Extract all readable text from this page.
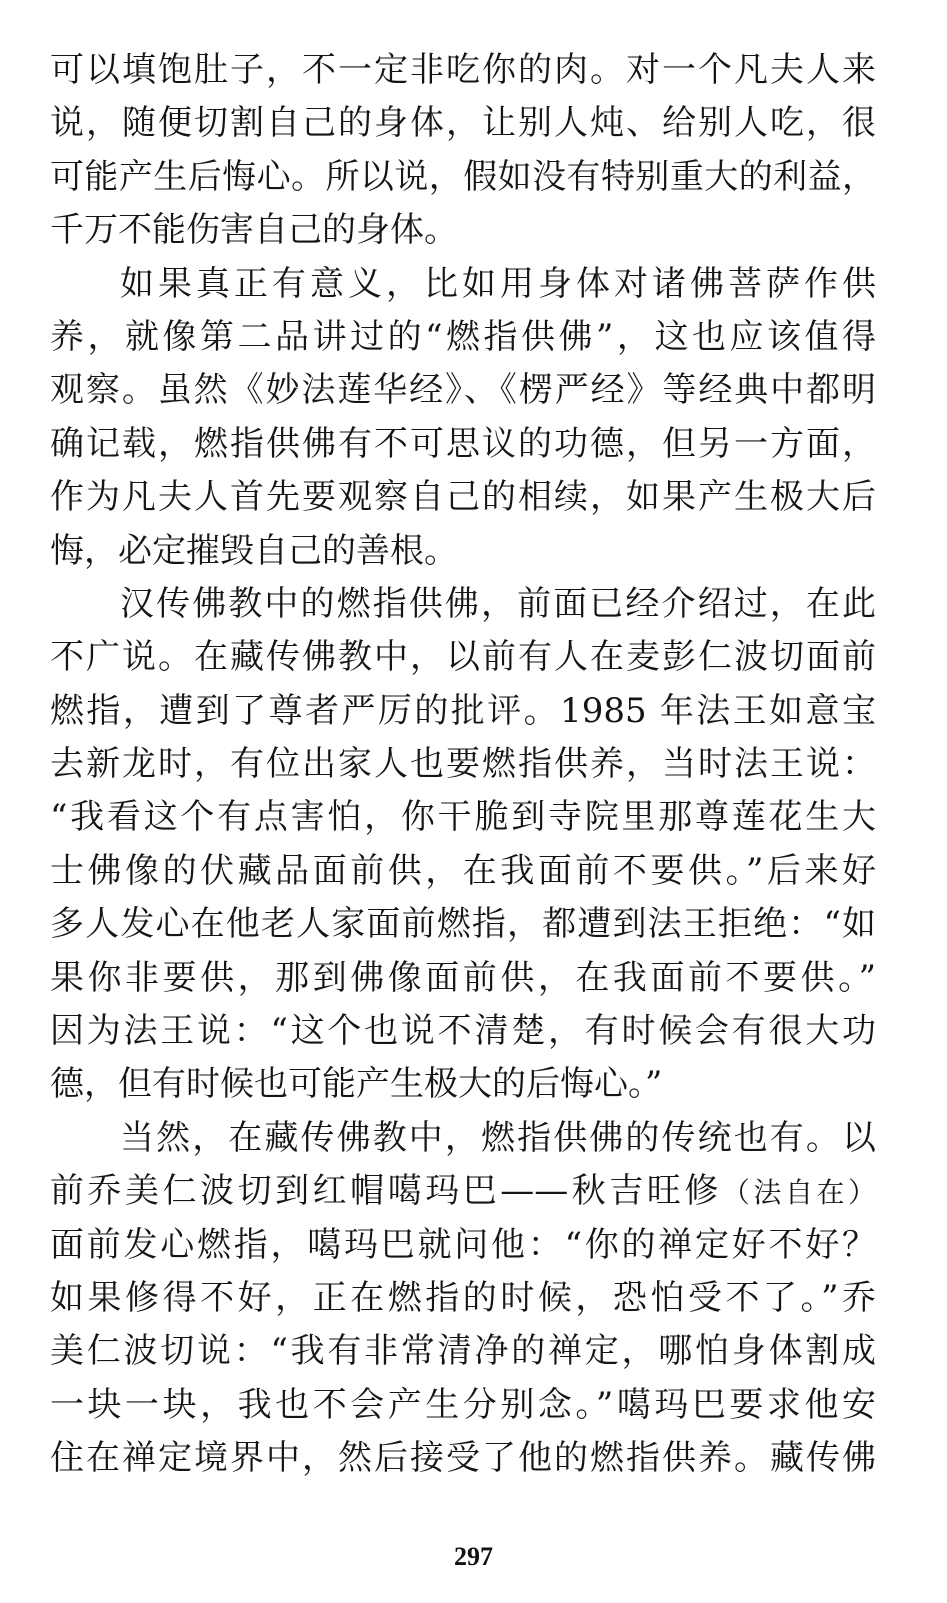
可以填饱肚子，不一定非吃你的肉。对一个凡夫人来
说，随便切割自己的身体，让别人炖、给别人吃，很
可能产生后悔心。所以说，假如没有特别重大的利益，
千万不能伤害自己的身体。
如果真正有意义，比如用身体对诸佛菩萨作供
养，就像第二品讲过的“燃指供佛”，这也应该值得
观察。虽然《妙法莲华经》、《楞严经》等经典中都明
确记载，燃指供佛有不可思议的功德，但另一方面，
作为凡夫人首先要观察自己的相续，如果产生极大后
悔，必定摧毁自己的善根。
汉传佛教中的燃指供佛，前面已经介绍过，在此
不广说。在藏传佛教中，以前有人在麦彭仁波切面前
燃指，遭到了尊者严厉的批评。1985 年法王如意宝
去新龙时，有位出家人也要燃指供养，当时法王说：
“我看这个有点害怕，你干脆到寺院里那尊莲花生大
士佛像的伏藏品面前供，在我面前不要供。”后来好
多人发心在他老人家面前燃指，都遭到法王拒绝：“如
果你非要供，那到佛像面前供，在我面前不要供。”
因为法王说：“这个也说不清楚，有时候会有很大功
德，但有时候也可能产生极大的后悔心。”
当然，在藏传佛教中，燃指供佛的传统也有。以
前乔美仁波切到红帽噶玛巴——秋吉旺修（法自在）
面前发心燃指，噶玛巴就问他：“你的禅定好不好？
如果修得不好，正在燃指的时候，恐怕受不了。”乔
美仁波切说：“我有非常清净的禅定，哪怕身体割成
一块一块，我也不会产生分别念。”噶玛巴要求他安
住在禅定境界中，然后接受了他的燃指供养。藏传佛
297
